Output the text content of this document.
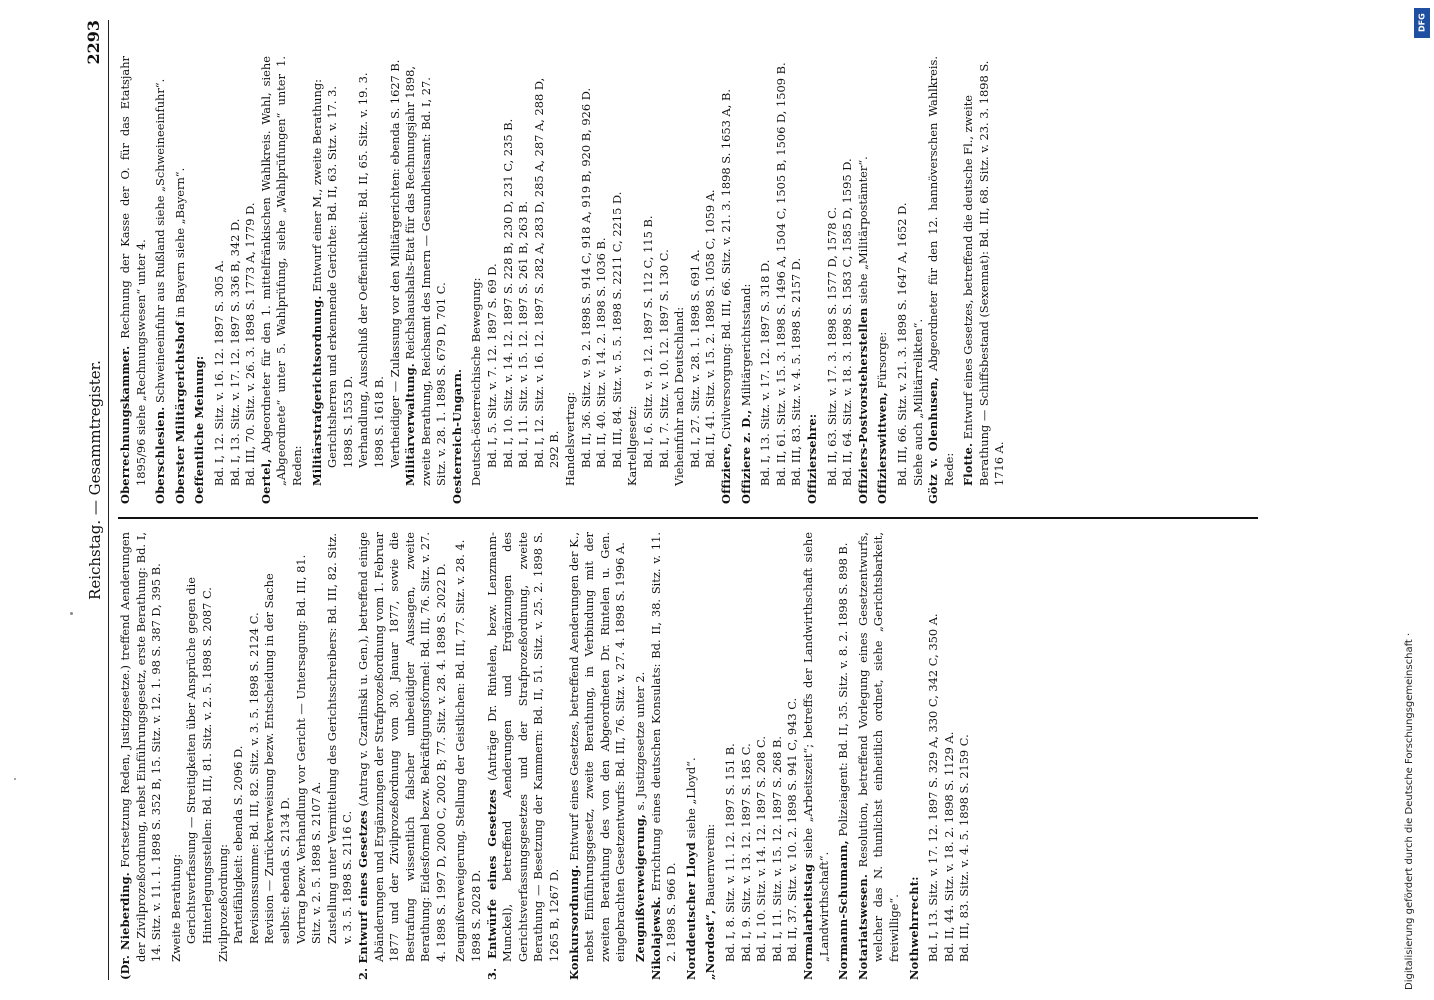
Reichstag. — Gesammtregister.
2293
(Dr. Nieberding. Fortsetzung Reden, Justizgesetze.) treffend Aenderungen der Zivilprozeßordnung, nebst Einführungsgesetz, erste Berathung: Bd. I, 14. Sitz. v. 11. 1. 1898 S. 352 B, 15. Sitz. v. 12. 1. 98 S. 387 D, 395 B. Zweite Berathung: Gerichtsverfassung — Streitigkeiten über Ansprüche gegen die Hinterlegungsstellen: Bd. III, 81. Sitz. v. 2. 5. 1898 S. 2087 C. Zivilprozeßordnung: Parteifähigkeit: ebenda S. 2096 D. Revisionssumme: Bd. III, 82. Sitz. v. 3. 5. 1898 S. 2124 C. Revision — Zurückverweisung bezw. Entscheidung in der Sache selbst: ebenda S. 2134 D. Vortrag bezw. Verhandlung vor Gericht — Untersagung: Bd. III, 81. Sitz. v. 2. 5. 1898 S. 2107 A. Zustellung unter Vermittelung des Gerichtsschreibers: Bd. III, 82. Sitz. v. 3. 5. 1898 S. 2116 C. 2. Entwurf eines Gesetzes (Antrag v. Czarlinski u. Gen.), betreffend einige Abänderungen und Ergänzungen der Strafprozeßordnung vom 1. Februar 1877 und der Zivilprozeßordnung vom 30. Januar 1877, sowie die Bestrafung wissentlich falscher unbeeidigter Aussagen, zweite Berathung: Eidesformel bezw. Bekräftigungsformel: Bd. III, 76. Sitz. v. 27. 4. 1898 S. 1997 D, 2000 C, 2002 B; 77. Sitz. v. 28. 4. 1898 S. 2022 D. Zeugnißverweigerung, Stellung der Geistlichen: Bd. III, 77. Sitz. v. 28. 4. 1898 S. 2028 D. 3. Entwürfe eines Gesetzes (Anträge Dr. Rintelen, bezw. Lenzmann-Munckel), betreffend Aenderungen und Ergänzungen des Gerichtsverfassungsgesetzes und der Strafprozeßordnung, zweite Berathung — Besetzung der Kammern: Bd. II, 51. Sitz. v. 25. 2. 1898 S. 1265 B, 1267 D. Konkursordnung. Entwurf eines Gesetzes, betreffend Aenderungen der K., nebst Einführungsgesetz, zweite Berathung, in Verbindung mit der zweiten Berathung des von den Abgeordneten Dr. Rintelen u. Gen. eingebrachten Gesetzentwurfs: Bd. III, 76. Sitz. v. 27. 4. 1898 S. 1996 A. Zeugnißverweigerung, s. Justizgesetze unter 2.
Nikolajewsk. Errichtung eines deutschen Konsulats: Bd. II, 38. Sitz. v. 11. 2. 1898 S. 966 D. Norddeutscher Lloyd siehe „Lloyd“.
„Nordost“, Bauernverein: Bd. I, 8. Sitz. v. 11. 12. 1897 S. 151 B. Bd. I, 9. Sitz. v. 13. 12. 1897 S. 185 C. Bd. I, 10. Sitz. v. 14. 12. 1897 S. 208 C. Bd. I, 11. Sitz. v. 15. 12. 1897 S. 268 B. Bd. II, 37. Sitz. v. 10. 2. 1898 S. 941 C, 943 C. Normalarbeitstag siehe „Arbeitszeit“; betreffs der Landwirthschaft siehe „Landwirthschaft“. Normann-Schumann, Polizeiagent: Bd. II, 35. Sitz. v. 8. 2. 1898 S. 898 B.
Notariatswesen. Resolution, betreffend Vorlegung eines Gesetzentwurfs, welcher das N. thunlichst einheitlich ordnet, siehe „Gerichtsbarkeit, freiwillige“. Nothwehrrecht: Bd. I, 13. Sitz. v. 17. 12. 1897 S. 329 A, 330 C, 342 C, 350 A. Bd. II, 44. Sitz. v. 18. 2. 1898 S. 1129 A. Bd. III, 83. Sitz. v. 4. 5. 1898 S. 2159 C.
Oberrechnungskammer. Rechnung der Kasse der O. für das Etatsjahr 1895/96 siehe „Rechnungswesen“ unter 4. Oberschlesien. Schweineeinfuhr aus Rußland siehe „Schweineeinfuhr“.
Oberster Militärgerichtshof in Bayern siehe „Bayern“.
Oeffentliche Meinung: Bd. I, 12. Sitz. v. 16. 12. 1897 S. 305 A. Bd. I, 13. Sitz. v. 17. 12. 1897 S. 336 B, 342 D. Bd. III, 70. Sitz. v. 26. 3. 1898 S. 1773 A, 1779 D. Oertel, Abgeordneter für den 1. mittelfränkischen Wahlkreis. Wahl, siehe „Abgeordnete“ unter 5. Wahlprüfung, siehe „Wahlprüfungen“ unter 1. Reden: Militärstrafgerichtsordnung. Entwurf einer M., zweite Berathung: Gerichtsherren und erkennende Gerichte: Bd. II, 63. Sitz. v. 17. 3. 1898 S. 1553 D. Verhandlung, Ausschluß der Oeffentlichkeit: Bd. II, 65. Sitz. v. 19. 3. 1898 S. 1618 B. Vertheidiger — Zulassung vor den Militärgerichten: ebenda S. 1627 B. Militärverwaltung. Reichshaushalts-Etat für das Rechnungsjahr 1898, zweite Berathung, Reichsamt des Innern — Gesundheitsamt: Bd. I, 27. Sitz. v. 28. 1. 1898 S. 679 D, 701 C. Oesterreich-Ungarn. Deutsch-österreichische Bewegung: Bd. I, 5. Sitz. v. 7. 12. 1897 S. 69 D. Bd. I, 10. Sitz. v. 14. 12. 1897 S. 228 B, 230 D, 231 C, 235 B. Bd. I, 11. Sitz. v. 15. 12. 1897 S. 261 B, 263 B. Bd. I, 12. Sitz. v. 16. 12. 1897 S. 282 A, 283 D, 285 A, 287 A, 288 D, 292 B. Handelsvertrag: Bd. II, 36. Sitz. v. 9. 2. 1898 S. 914 C, 918 A, 919 B, 920 B, 926 D. Bd. II, 40. Sitz. v. 14. 2. 1898 S. 1036 B. Bd. III, 84. Sitz. v. 5. 5. 1898 S. 2211 C, 2215 D. Kartellgesetz: Bd. I, 6. Sitz. v. 9. 12. 1897 S. 112 C, 115 B. Bd. I, 7. Sitz. v. 10. 12. 1897 S. 130 C. Vieheinfuhr nach Deutschland: Bd. I, 27. Sitz. v. 28. 1. 1898 S. 691 A. Bd. II, 41. Sitz. v. 15. 2. 1898 S. 1058 C, 1059 A.
Offiziere, Civilversorgung: Bd. III, 66. Sitz. v. 21. 3. 1898 S. 1653 A, B.
Offiziere z. D., Militärgerichtsstand: Bd. I, 13. Sitz. v. 17. 12. 1897 S. 318 D. Bd. II, 61. Sitz. v. 15. 3. 1898 S. 1496 A, 1504 C, 1505 B, 1506 D, 1509 B. Bd. III, 83. Sitz. v. 4. 5. 1898 S. 2157 D. Offiziersehre: Bd. II, 63. Sitz. v. 17. 3. 1898 S. 1577 D, 1578 C. Bd. II, 64. Sitz. v. 18. 3. 1898 S. 1583 C, 1585 D, 1595 D. Offiziers-Postvorsteherstellen siehe „Militärpostämter“.
Offizierswittwen, Fürsorge: Bd. III, 66. Sitz. v. 21. 3. 1898 S. 1647 A, 1652 D. Siehe auch „Militärrelikten“. Götz v. Olenhusen, Abgeordneter für den 12. hannöverschen Wahlkreis. Rede: Flotte. Entwurf eines Gesetzes, betreffend die deutsche Fl., zweite Berathung — Schiffsbestand (Sexennat): Bd. III, 68. Sitz. v. 23. 3. 1898 S. 1716 A.
Digitalisierung gefördert durch die Deutsche Forschungsgemeinschaft ·
DFG
